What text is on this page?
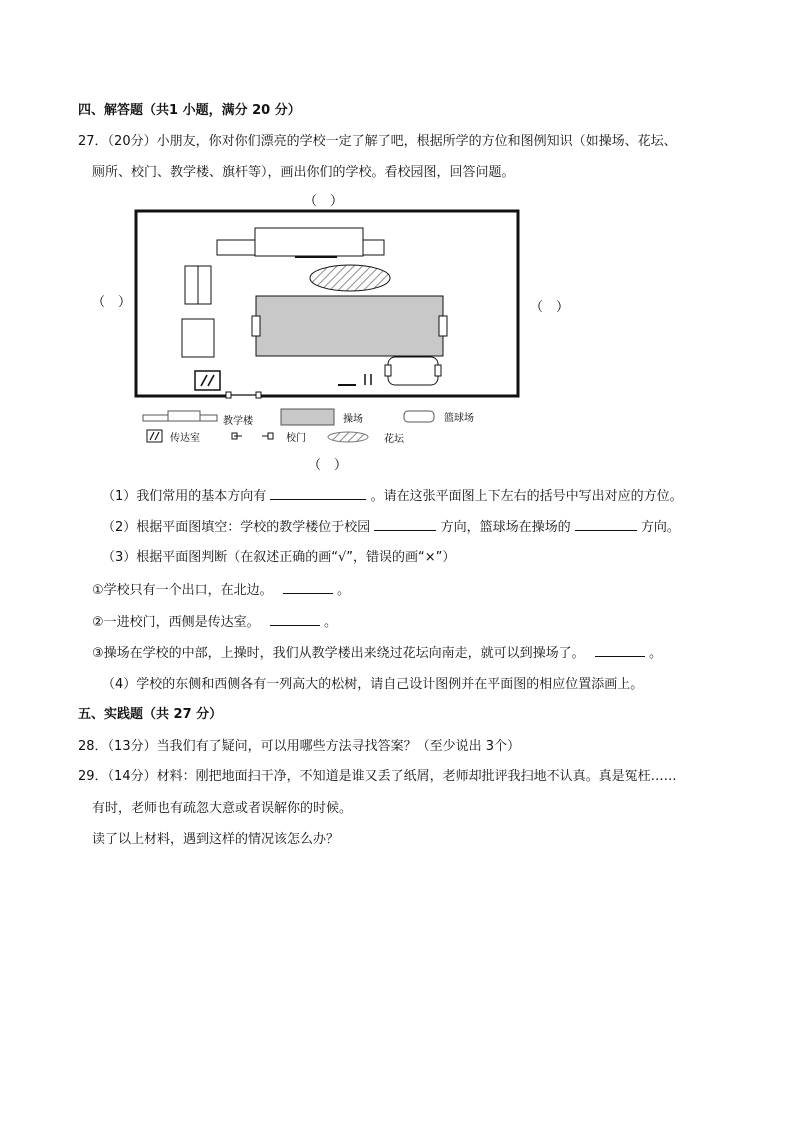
四、解答题（共1 小题，满分 20 分）
27．（20分）小朋友，你对你们漂亮的学校一定了解了吧，根据所学的方位和图例知识（如操场、花坛、
厕所、校门、教学楼、旗杆等），画出你们的学校。看校园图，回答问题。
（　）
（　）	（　）
（　）
教学楼	操场	篮球场
传达室	校门	花坛
（1）我们常用的基本方向有	。请在这张平面图上下左右的括号中写出对应的方位。
（2）根据平面图填空：学校的教学楼位于校园	方向，篮球场在操场的	方向。
（3）根据平面图判断（在叙述正确的画“√”，错误的画“×”）
①学校只有一个出口，在北边。	。
②一进校门，西侧是传达室。	。
③操场在学校的中部，上操时，我们从教学楼出来绕过花坛向南走，就可以到操场了。	。
（4）学校的东侧和西侧各有一列高大的松树，请自己设计图例并在平面图的相应位置添画上。
五、实践题（共 27 分）
28．（13分）当我们有了疑问，可以用哪些方法寻找答案？（至少说出 3个）
29．（14分）材料：刚把地面扫干净，不知道是谁又丢了纸屑，老师却批评我扫地不认真。真是冤枉……
有时，老师也有疏忽大意或者误解你的时候。
读了以上材料，遇到这样的情况该怎么办？
